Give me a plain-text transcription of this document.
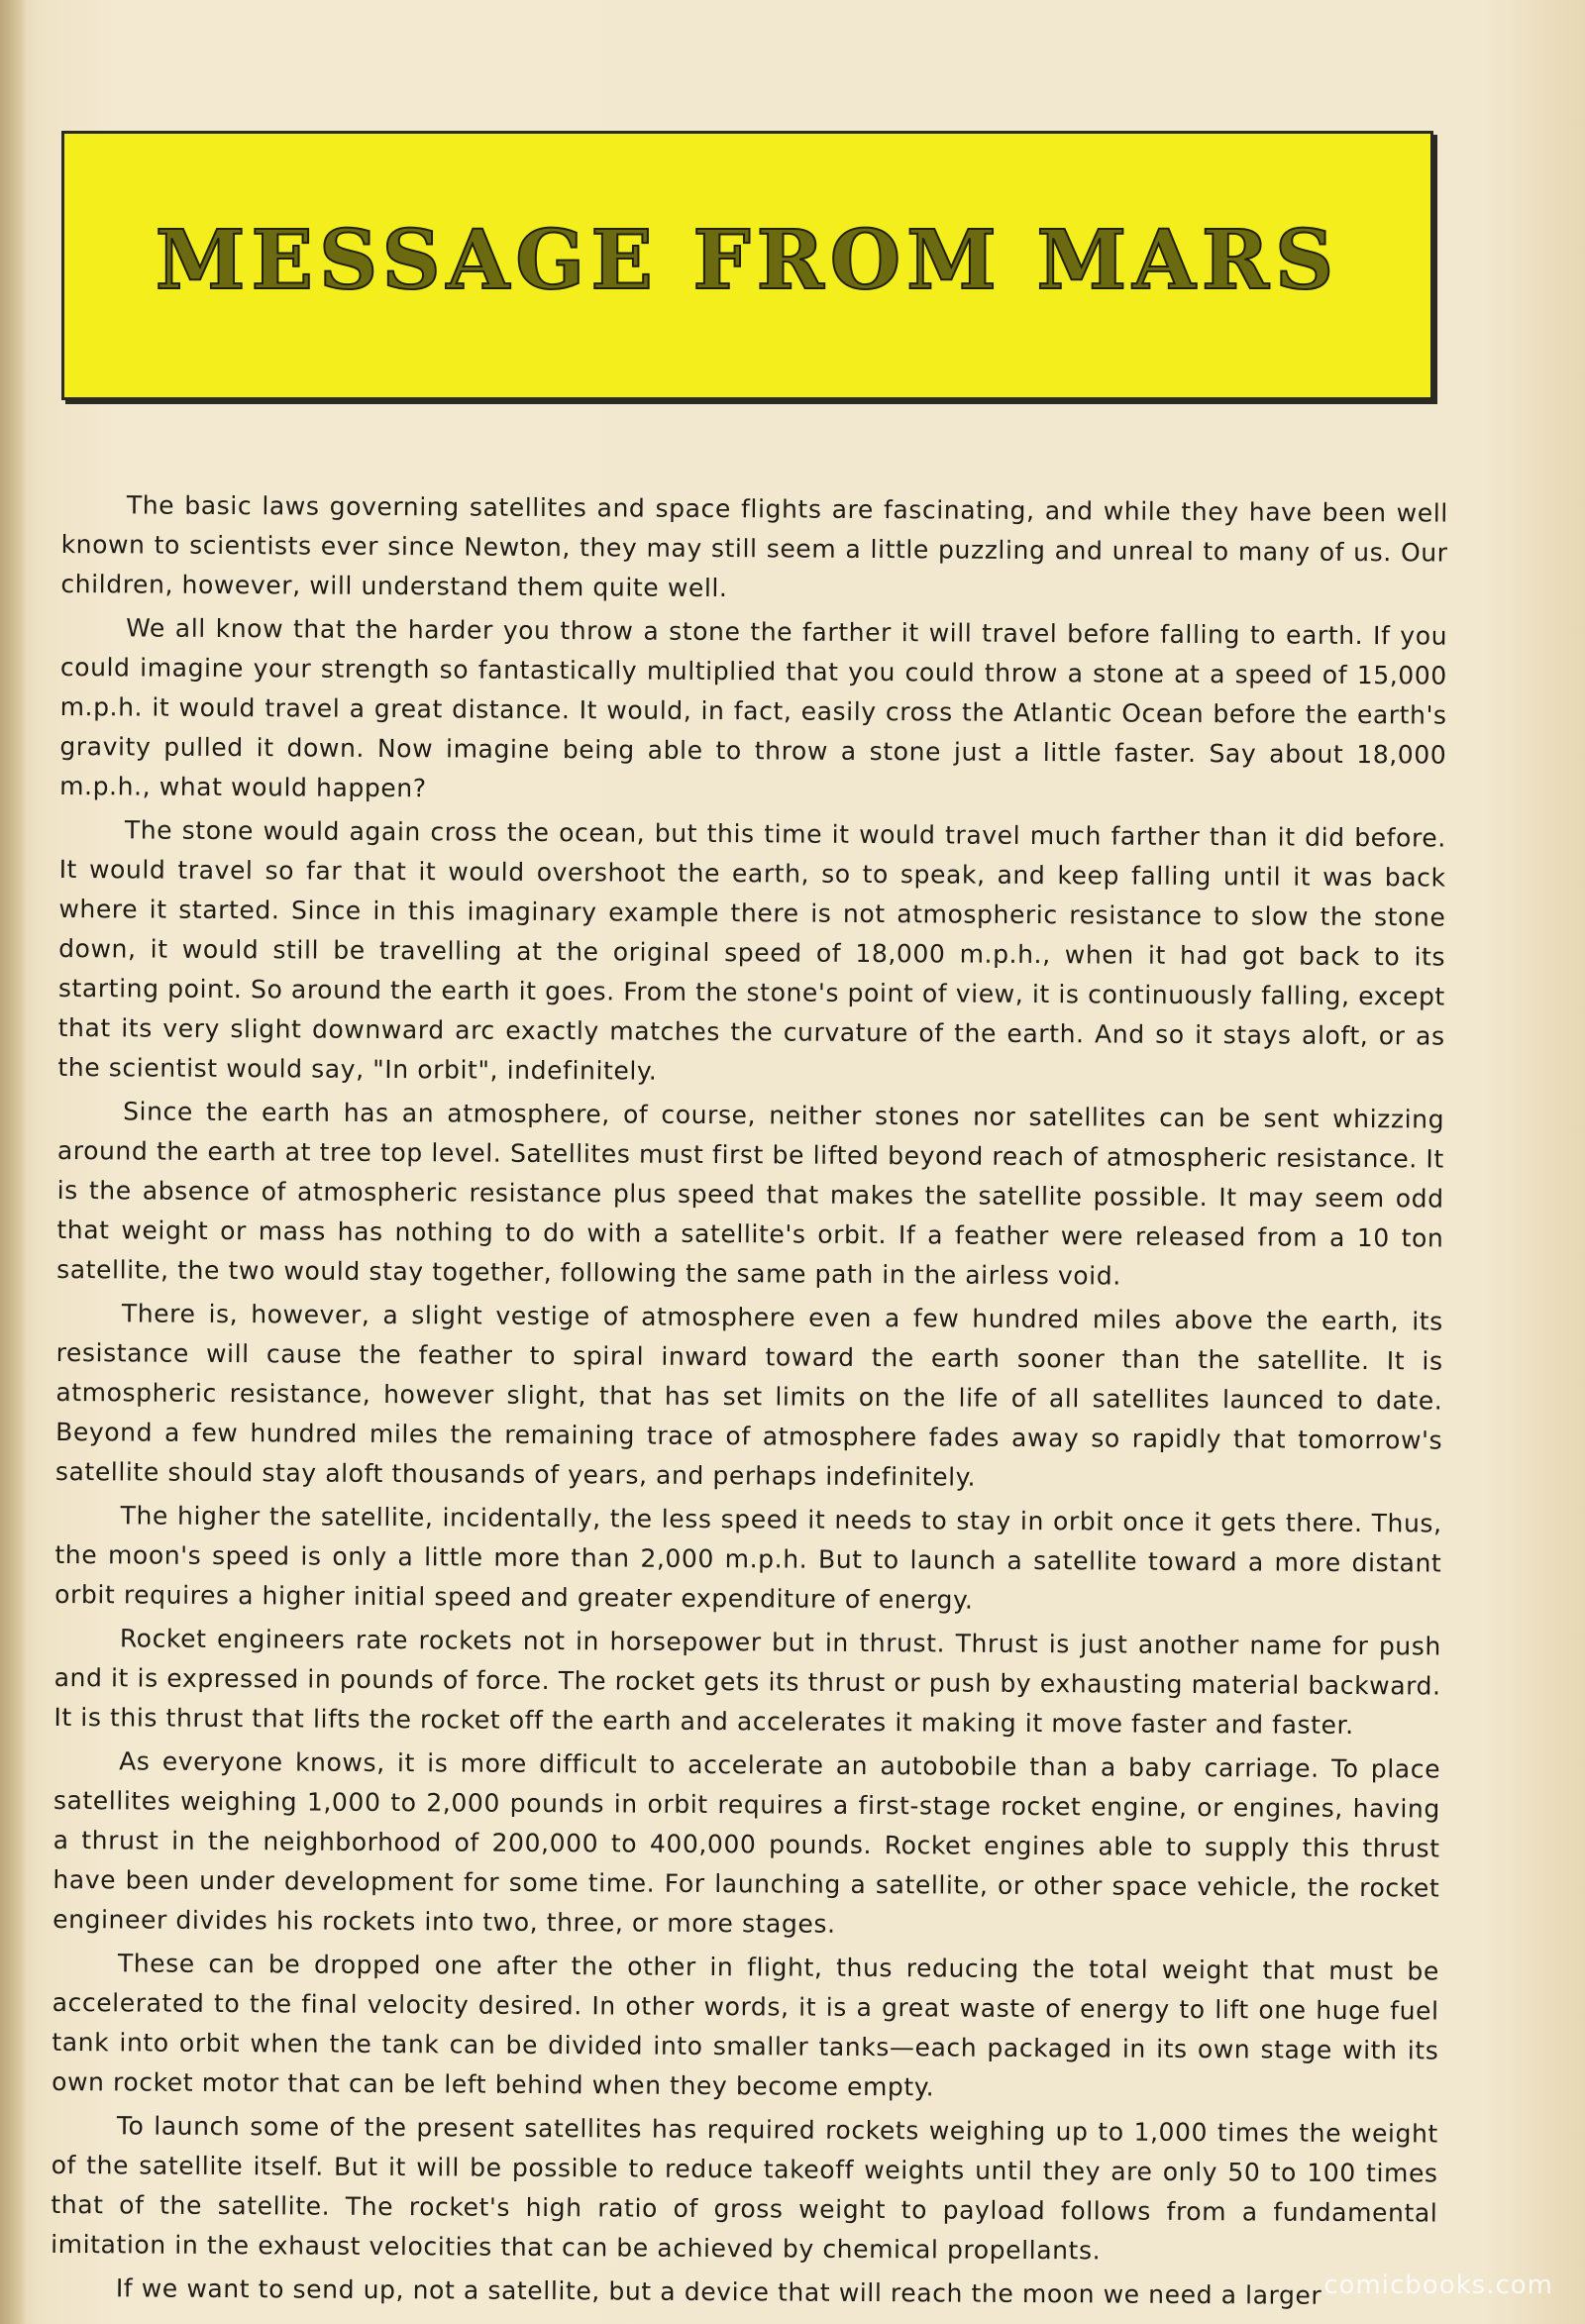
MESSAGE FROM MARS

The basic laws governing satellites and space flights are fascinating, and while they have been well known to scientists ever since Newton, they may still seem a little puzzling and unreal to many of us. Our children, however, will understand them quite well.

We all know that the harder you throw a stone the farther it will travel before falling to earth. If you could imagine your strength so fantastically multiplied that you could throw a stone at a speed of 15,000 m.p.h. it would travel a great distance. It would, in fact, easily cross the Atlantic Ocean before the earth's gravity pulled it down. Now imagine being able to throw a stone just a little faster. Say about 18,000 m.p.h., what would happen?

The stone would again cross the ocean, but this time it would travel much farther than it did before. It would travel so far that it would overshoot the earth, so to speak, and keep falling until it was back where it started. Since in this imaginary example there is not atmospheric resistance to slow the stone down, it would still be travelling at the original speed of 18,000 m.p.h., when it had got back to its starting point. So around the earth it goes. From the stone's point of view, it is continuously falling, except that its very slight downward arc exactly matches the curvature of the earth. And so it stays aloft, or as the scientist would say, "In orbit", indefinitely.

Since the earth has an atmosphere, of course, neither stones nor satellites can be sent whizzing around the earth at tree top level. Satellites must first be lifted beyond reach of atmospheric resistance. It is the absence of atmospheric resistance plus speed that makes the satellite possible. It may seem odd that weight or mass has nothing to do with a satellite's orbit. If a feather were released from a 10 ton satellite, the two would stay together, following the same path in the airless void.

There is, however, a slight vestige of atmosphere even a few hundred miles above the earth, its resistance will cause the feather to spiral inward toward the earth sooner than the satellite. It is atmospheric resistance, however slight, that has set limits on the life of all satellites launced to date. Beyond a few hundred miles the remaining trace of atmosphere fades away so rapidly that tomorrow's satellite should stay aloft thousands of years, and perhaps indefinitely.

The higher the satellite, incidentally, the less speed it needs to stay in orbit once it gets there. Thus, the moon's speed is only a little more than 2,000 m.p.h. But to launch a satellite toward a more distant orbit requires a higher initial speed and greater expenditure of energy.

Rocket engineers rate rockets not in horsepower but in thrust. Thrust is just another name for push and it is expressed in pounds of force. The rocket gets its thrust or push by exhausting material backward. It is this thrust that lifts the rocket off the earth and accelerates it making it move faster and faster.

As everyone knows, it is more difficult to accelerate an autobobile than a baby carriage. To place satellites weighing 1,000 to 2,000 pounds in orbit requires a first-stage rocket engine, or engines, having a thrust in the neighborhood of 200,000 to 400,000 pounds. Rocket engines able to supply this thrust have been under development for some time. For launching a satellite, or other space vehicle, the rocket engineer divides his rockets into two, three, or more stages.

These can be dropped one after the other in flight, thus reducing the total weight that must be accelerated to the final velocity desired. In other words, it is a great waste of energy to lift one huge fuel tank into orbit when the tank can be divided into smaller tanks—each packaged in its own stage with its own rocket motor that can be left behind when they become empty.

To launch some of the present satellites has required rockets weighing up to 1,000 times the weight of the satellite itself. But it will be possible to reduce takeoff weights until they are only 50 to 100 times that of the satellite. The rocket's high ratio of gross weight to payload follows from a fundamental imitation in the exhaust velocities that can be achieved by chemical propellants.

If we want to send up, not a satellite, but a device that will reach the moon we need a larger comicbooks.com
